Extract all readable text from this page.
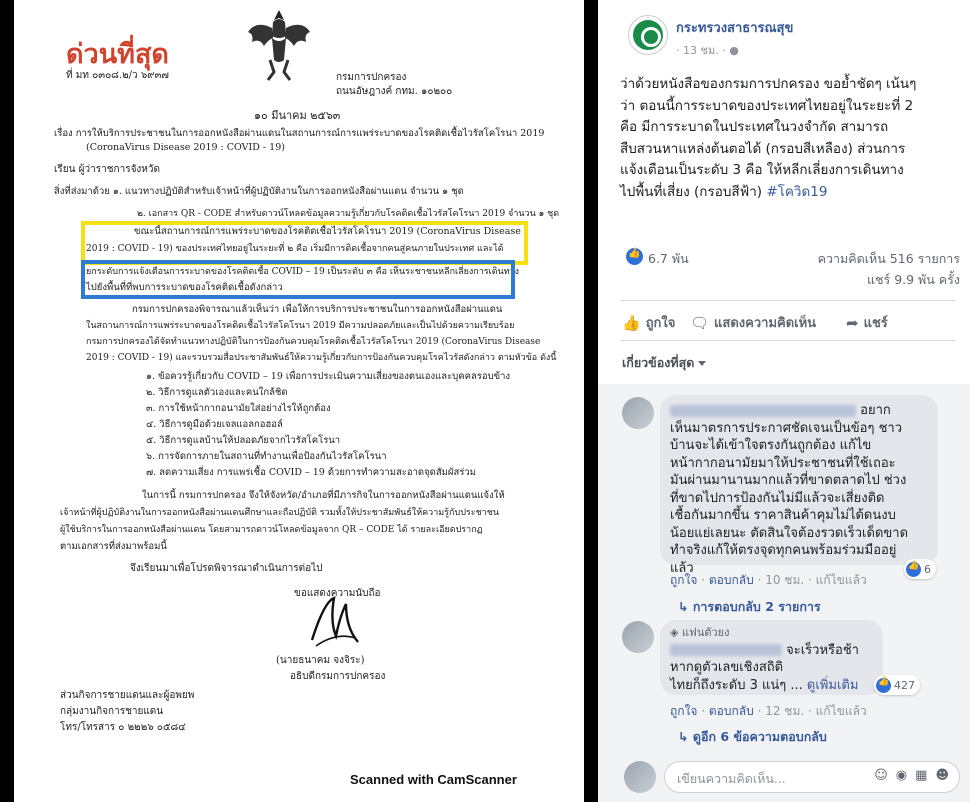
ด่วนที่สุด
ที่ มท ๐๓๐๘.๒/ว ๖๙๓๗	กรมการปกครอง
ถนนอัษฎางค์ กทม. ๑๐๒๐๐
๑๐ มีนาคม ๒๕๖๓
เรื่อง การให้บริการประชาชนในการออกหนังสือผ่านแดนในสถานการณ์การแพร่ระบาดของโรคติดเชื้อไวรัสโคโรนา 2019
(CoronaVirus Disease 2019 : COVID - 19)
เรียน ผู้ว่าราชการจังหวัด
สิ่งที่ส่งมาด้วย ๑. แนวทางปฏิบัติสำหรับเจ้าหน้าที่ผู้ปฏิบัติงานในการออกหนังสือผ่านแดน จำนวน ๑ ชุด
๒. เอกสาร QR - CODE สำหรับดาวน์โหลดข้อมูลความรู้เกี่ยวกับโรคติดเชื้อไวรัสโคโรนา 2019 จำนวน ๑ ชุด
ขณะนี้สถานการณ์การแพร่ระบาดของโรคติดเชื้อไวรัสโคโรนา 2019 (CoronaVirus Disease
2019 : COVID - 19) ของประเทศไทยอยู่ในระยะที่ ๒ คือ เริ่มมีการติดเชื้อจากคนสู่คนภายในประเทศ และได้
ยกระดับการแจ้งเตือนการระบาดของโรคติดเชื้อ COVID – 19 เป็นระดับ ๓ คือ เห็นระชาชนหลีกเลี่ยงการเดินทาง
ไปยังพื้นที่ที่พบการระบาดของโรคติดเชื้อดังกล่าว
กรมการปกครองพิจารณาแล้วเห็นว่า เพื่อให้การบริการประชาชนในการออกหนังสือผ่านแดน
ในสถานการณ์การแพร่ระบาดของโรคติดเชื้อไวรัสโคโรนา 2019 มีความปลอดภัยและเป็นไปด้วยความเรียบร้อย
กรมการปกครองได้จัดทำแนวทางปฏิบัติในการป้องกันควบคุมโรคติดเชื้อไวรัสโคโรนา 2019 (CoronaVirus Disease
2019 : COVID - 19) และรวบรวมสื่อประชาสัมพันธ์ให้ความรู้เกี่ยวกับการป้องกันควบคุมโรคไวรัสดังกล่าว ตามหัวข้อ ดังนี้
๑. ข้อควรรู้เกี่ยวกับ COVID – 19 เพื่อการประเมินความเสี่ยงของตนเองและบุคคลรอบข้าง
๒. วิธีการดูแลตัวเองและคนใกล้ชิด
๓. การใช้หน้ากากอนามัยใส่อย่างไรให้ถูกต้อง
๔. วิธีการดูมือด้วยเจลแอลกอฮอล์
๕. วิธีการดูแลบ้านให้ปลอดภัยจากไวรัสโคโรนา
๖. การจัดการภายในสถานที่ทำงานเพื่อป้องกันไวรัสโคโรนา
๗. ลดความเสี่ยง การแพร่เชื้อ COVID – 19 ด้วยการทำความสะอาดจุดสัมผัสร่วม
ในการนี้ กรมการปกครอง จึงให้จังหวัด/อำเภอที่มีภารกิจในการออกหนังสือผ่านแดนแจ้งให้
เจ้าหน้าที่ผู้ปฏิบัติงานในการออกหนังสือผ่านแดนศึกษาและถือปฏิบัติ รวมทั้งให้ประชาสัมพันธ์ให้ความรู้กับประชาชน
ผู้ใช้บริการในการออกหนังสือผ่านแดน โดยสามารถดาวน์โหลดข้อมูลจาก QR – CODE ได้ รายละเอียดปรากฏ
ตามเอกสารที่ส่งมาพร้อมนี้
จึงเรียนมาเพื่อโปรดพิจารณาดำเนินการต่อไป
ขอแสดงความนับถือ
(นายธนาคม จงจิระ)
อธิบดีกรมการปกครอง
ส่วนกิจการชายแดนและผู้อพยพ
กลุ่มงานกิจการชายแดน
โทร/โทรสาร ๐ ๒๒๒๖ ๐๕๘๔
Scanned with CamScanner
กระทรวงสาธารณสุข
· 13 ชม. · ●
ว่าด้วยหนังสือของกรมการปกครอง ขอย้ำชัดๆ เน้นๆ
ว่า ตอนนี้การระบาดของประเทศไทยอยู่ในระยะที่ 2
คือ มีการระบาดในประเทศในวงจำกัด สามารถ
สืบสวนหาแหล่งต้นตอได้ (กรอบสีเหลือง) ส่วนการ
แจ้งเตือนเป็นระดับ 3 คือ ให้หลีกเลี่ยงการเดินทาง
ไปพื้นที่เสี่ยง (กรอบสีฟ้า) #โควิด19
👍
6.7 พัน	ความคิดเห็น 516 รายการ
แชร์ 9.9 พัน ครั้ง
👍 ถูกใจ 🗨 แสดงความคิดเห็น ➦ แชร์
เกี่ยวข้องที่สุด
อยาก
เห็นมาตรการประกาศชัดเจนเป็นข้อๆ ชาว
บ้านจะได้เข้าใจตรงกันถูกต้อง แก้ไข
หน้ากากอนามัยมาให้ประชาชนที่ใช้เถอะ
มันผ่านมานานมากแล้วที่ขาดตลาดไป ช่วง
ที่ขาดไปการป้องกันไม่มีแล้วจะเสี่ยงติด
เชื้อกันมากขึ้น ราคาสินค้าคุมไม่ได้ดนงบ
น้อยแย่เลยนะ ตัดสินใจต้องรวดเร็วเด็ดขาด
ทำจริงแก้ให้ตรงจุดทุกคนพร้อมร่วมมืออยู่
แล้ว 👍	6
ถูกใจ · ตอบกลับ · 10 ชม. · แก้ไขแล้ว
↳ การตอบกลับ 2 รายการ
◈ แฟนตัวยง
จะเร็วหรือช้า
หากดูตัวเลขเชิงสถิติ
ไทยก็ถึงระดับ 3 แน่ๆ ... ดูเพิ่มเติม 👍	427
ถูกใจ · ตอบกลับ · 12 ชม. · แก้ไขแล้ว
↳ ดูอีก 6 ข้อความตอบกลับ
เขียนความคิดเห็น...	☺ ◉ ▦ ☻
